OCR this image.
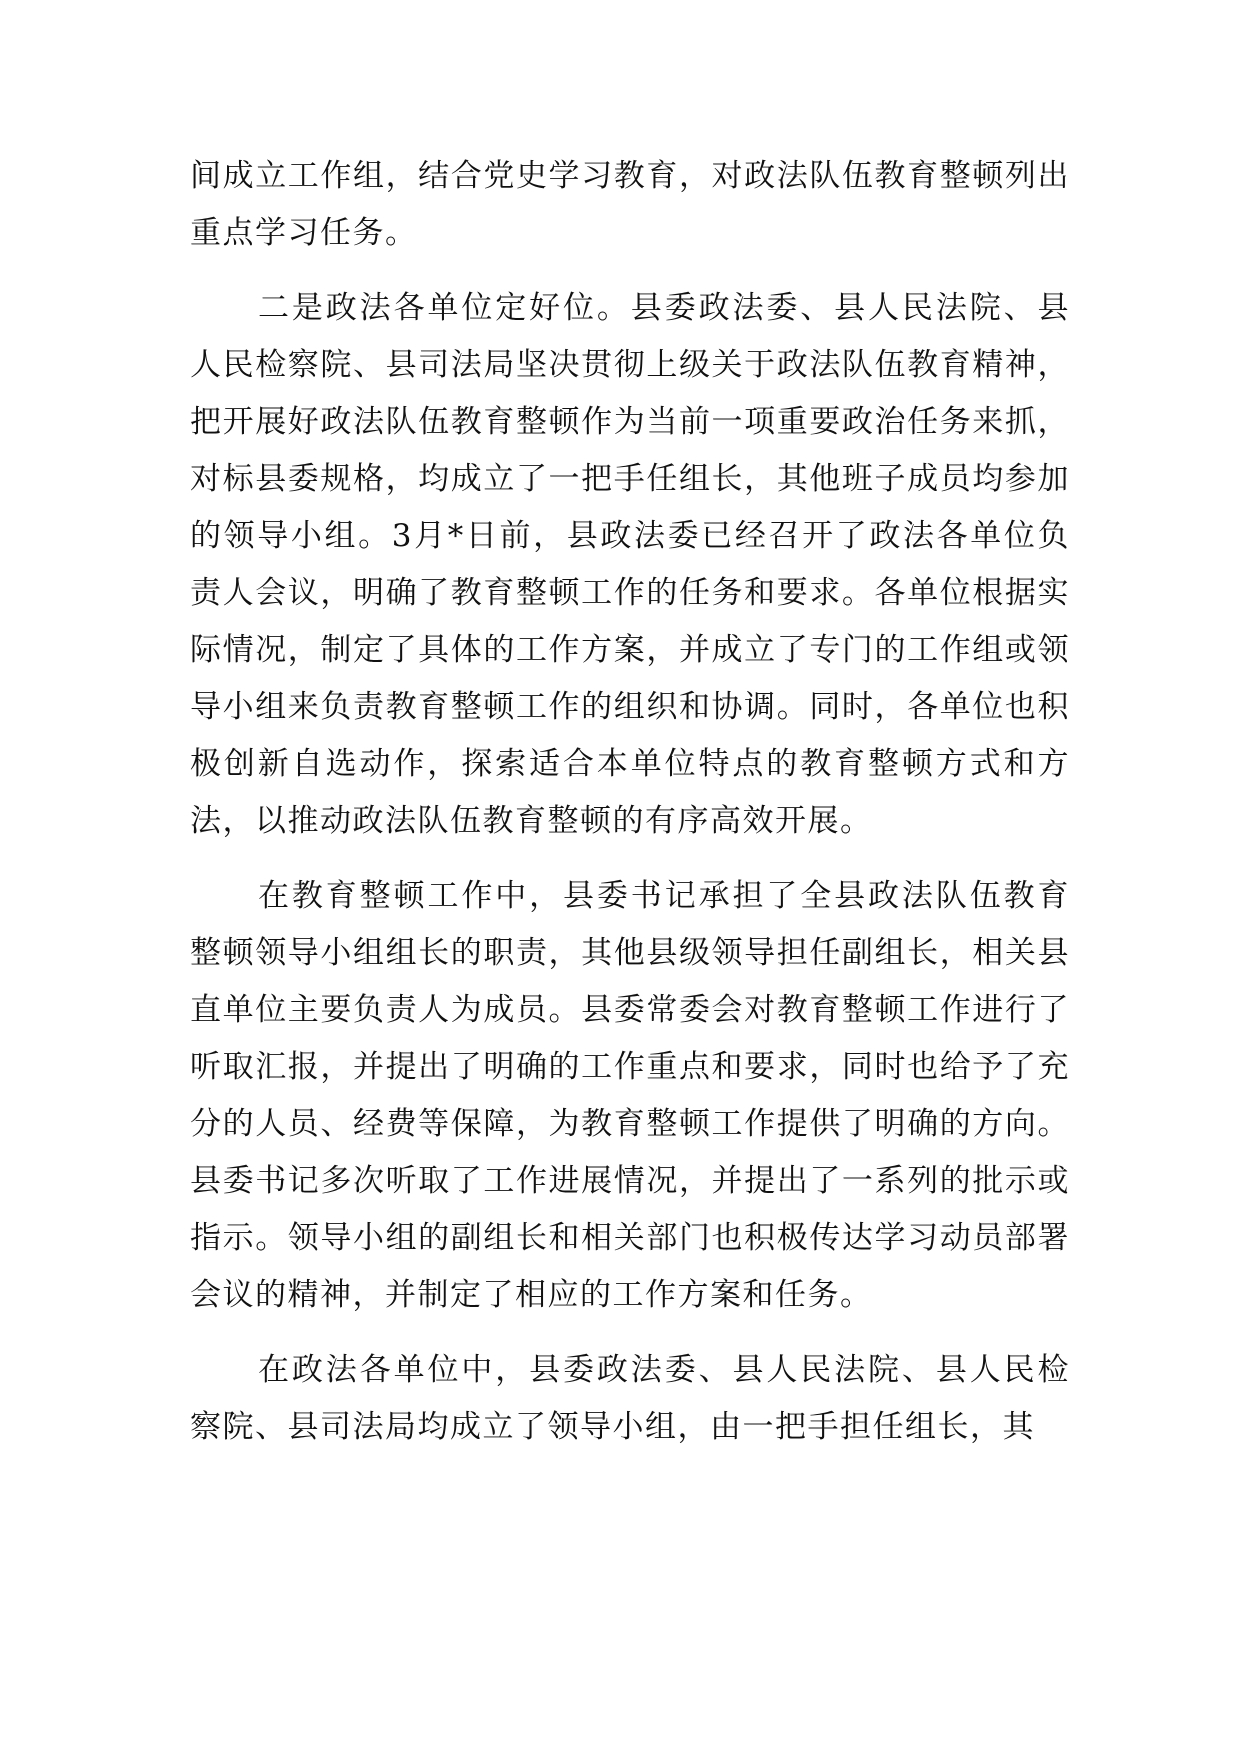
间成立工作组，结合党史学习教育，对政法队伍教育整顿列出重点学习任务。

二是政法各单位定好位。县委政法委、县人民法院、县人民检察院、县司法局坚决贯彻上级关于政法队伍教育精神，把开展好政法队伍教育整顿作为当前一项重要政治任务来抓，对标县委规格，均成立了一把手任组长，其他班子成员均参加的领导小组。3月*日前，县政法委已经召开了政法各单位负责人会议，明确了教育整顿工作的任务和要求。各单位根据实际情况，制定了具体的工作方案，并成立了专门的工作组或领导小组来负责教育整顿工作的组织和协调。同时，各单位也积极创新自选动作，探索适合本单位特点的教育整顿方式和方法，以推动政法队伍教育整顿的有序高效开展。

在教育整顿工作中，县委书记承担了全县政法队伍教育整顿领导小组组长的职责，其他县级领导担任副组长，相关县直单位主要负责人为成员。县委常委会对教育整顿工作进行了听取汇报，并提出了明确的工作重点和要求，同时也给予了充分的人员、经费等保障，为教育整顿工作提供了明确的方向。县委书记多次听取了工作进展情况，并提出了一系列的批示或指示。领导小组的副组长和相关部门也积极传达学习动员部署会议的精神，并制定了相应的工作方案和任务。

在政法各单位中，县委政法委、县人民法院、县人民检察院、县司法局均成立了领导小组，由一把手担任组长，其
